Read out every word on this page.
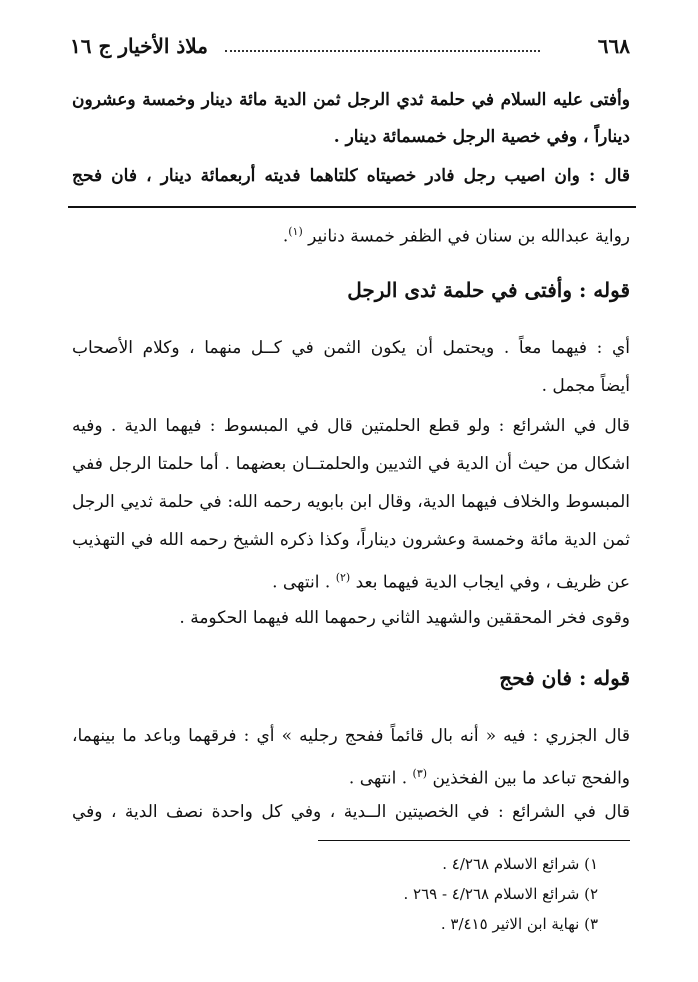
٦٦٨
ملاذ الأخيار ج ١٦
وأفتى عليه السلام في حلمة ثدي الرجل ثمن الدية مائة دينار وخمسة وعشرون
ديناراً ، وفي خصية الرجل خمسمائة دينار .
قال : وان اصيب رجل فادر خصيتاه كلتاهما فديته أربعمائة دينار ، فان فحج
رواية عبدالله بن سنان في الظفر خمسة دنانير $^{(١)}$.
قوله : وأفتى في حلمة ثدى الرجل
أي : فيهما معاً . ويحتمل أن يكون الثمن في كــل منهما ، وكلام الأصحاب
أيضاً مجمل .
قال في الشرائع : ولو قطع الحلمتين قال في المبسوط : فيهما الدية . وفيه
اشكال من حيث أن الدية في الثديين والحلمتــان بعضهما . أما حلمتا الرجل ففي
المبسوط والخلاف فيهما الدية، وقال ابن بابويه رحمه الله: في حلمة ثديي الرجل
ثمن الدية مائة وخمسة وعشرون ديناراً، وكذا ذكره الشيخ رحمه الله في التهذيب
عن ظريف ، وفي ايجاب الدية فيهما بعد $^{(٢)}$ . انتهى .
وقوى فخر المحققين والشهيد الثاني رحمهما الله فيهما الحكومة .
قوله : فان فحج
قال الجزري : فيه « أنه بال قائماً ففحج رجليه » أي : فرقهما وباعد ما بينهما،
والفحج تباعد ما بين الفخذين $^{(٣)}$ . انتهى .
قال في الشرائع : في الخصيتين الــدية ، وفي كل واحدة نصف الدية ، وفي
١) شرائع الاسلام ٤/٢٦٨ .
٢) شرائع الاسلام ٤/٢٦٨ - ٢٦٩ .
٣) نهاية ابن الاثير ٣/٤١٥ .
